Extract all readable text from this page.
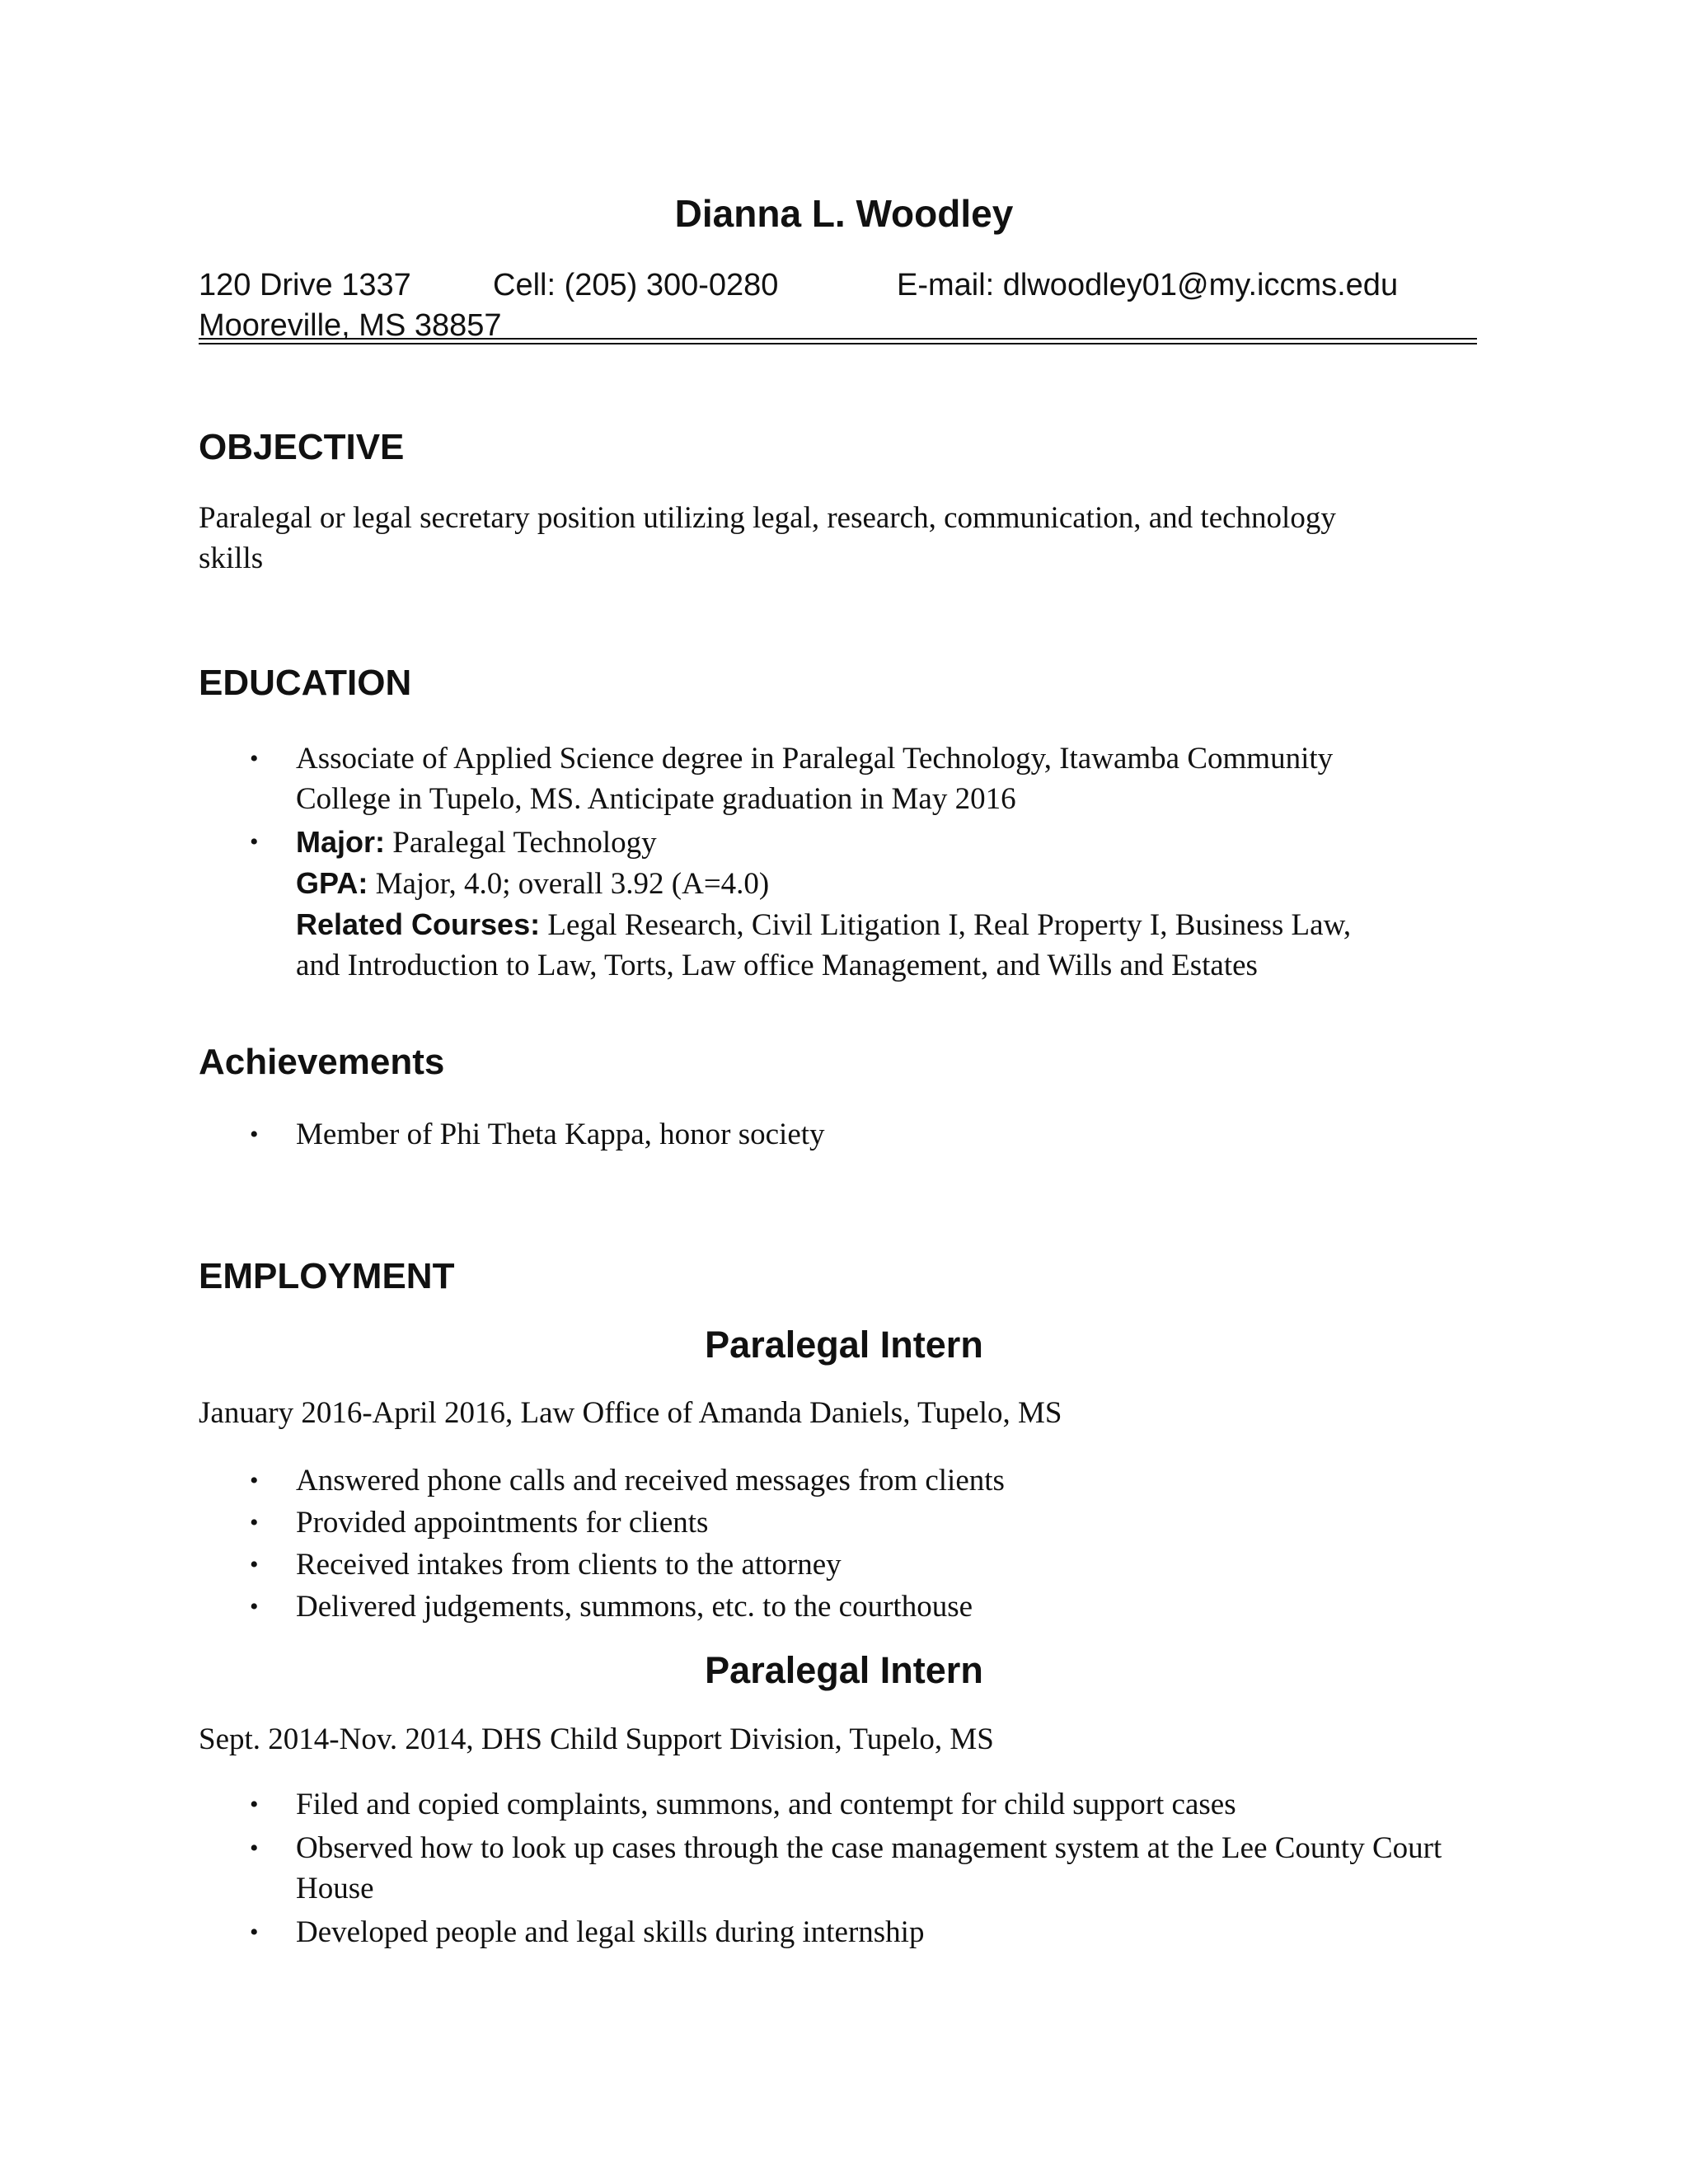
Dianna L. Woodley
120 Drive 1337	Cell: (205) 300-0280	E-mail: dlwoodley01@my.iccms.edu
Mooreville, MS 38857
OBJECTIVE
Paralegal or legal secretary position utilizing legal, research, communication, and technology
skills
EDUCATION
• Associate of Applied Science degree in Paralegal Technology, Itawamba Community
College in Tupelo, MS. Anticipate graduation in May 2016
• Major: Paralegal Technology
GPA: Major, 4.0; overall 3.92 (A=4.0)
Related Courses: Legal Research, Civil Litigation I, Real Property I, Business Law,
and Introduction to Law, Torts, Law office Management, and Wills and Estates
Achievements
• Member of Phi Theta Kappa, honor society
EMPLOYMENT
Paralegal Intern
January 2016-April 2016, Law Office of Amanda Daniels, Tupelo, MS
• Answered phone calls and received messages from clients
• Provided appointments for clients
• Received intakes from clients to the attorney
• Delivered judgements, summons, etc. to the courthouse
Paralegal Intern
Sept. 2014-Nov. 2014, DHS Child Support Division, Tupelo, MS
• Filed and copied complaints, summons, and contempt for child support cases
• Observed how to look up cases through the case management system at the Lee County Court House
• Developed people and legal skills during internship
